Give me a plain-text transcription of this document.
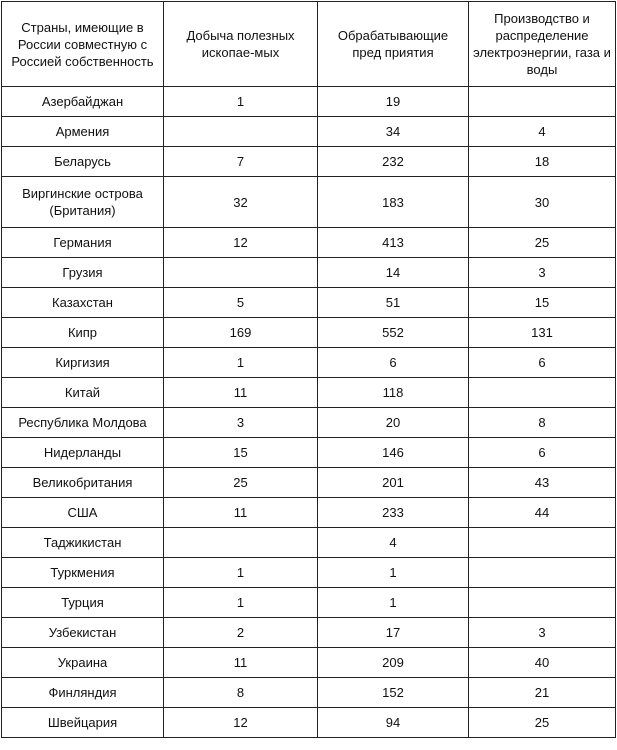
Страны, имеющие в России совместную с Россией собственность	Добыча полезных ископае-мых	Обрабатывающие пред приятия	Производство и распределение электроэнергии, газа и воды
Азербайджан	1	19	
Армения		34	4
Беларусь	7	232	18
Виргинские острова (Британия)	32	183	30
Германия	12	413	25
Грузия		14	3
Казахстан	5	51	15
Кипр	169	552	131
Киргизия	1	6	6
Китай	11	118	
Республика Молдова	3	20	8
Нидерланды	15	146	6
Великобритания	25	201	43
США	11	233	44
Таджикистан		4	
Туркмения	1	1	
Турция	1	1	
Узбекистан	2	17	3
Украина	11	209	40
Финляндия	8	152	21
Швейцария	12	94	25
